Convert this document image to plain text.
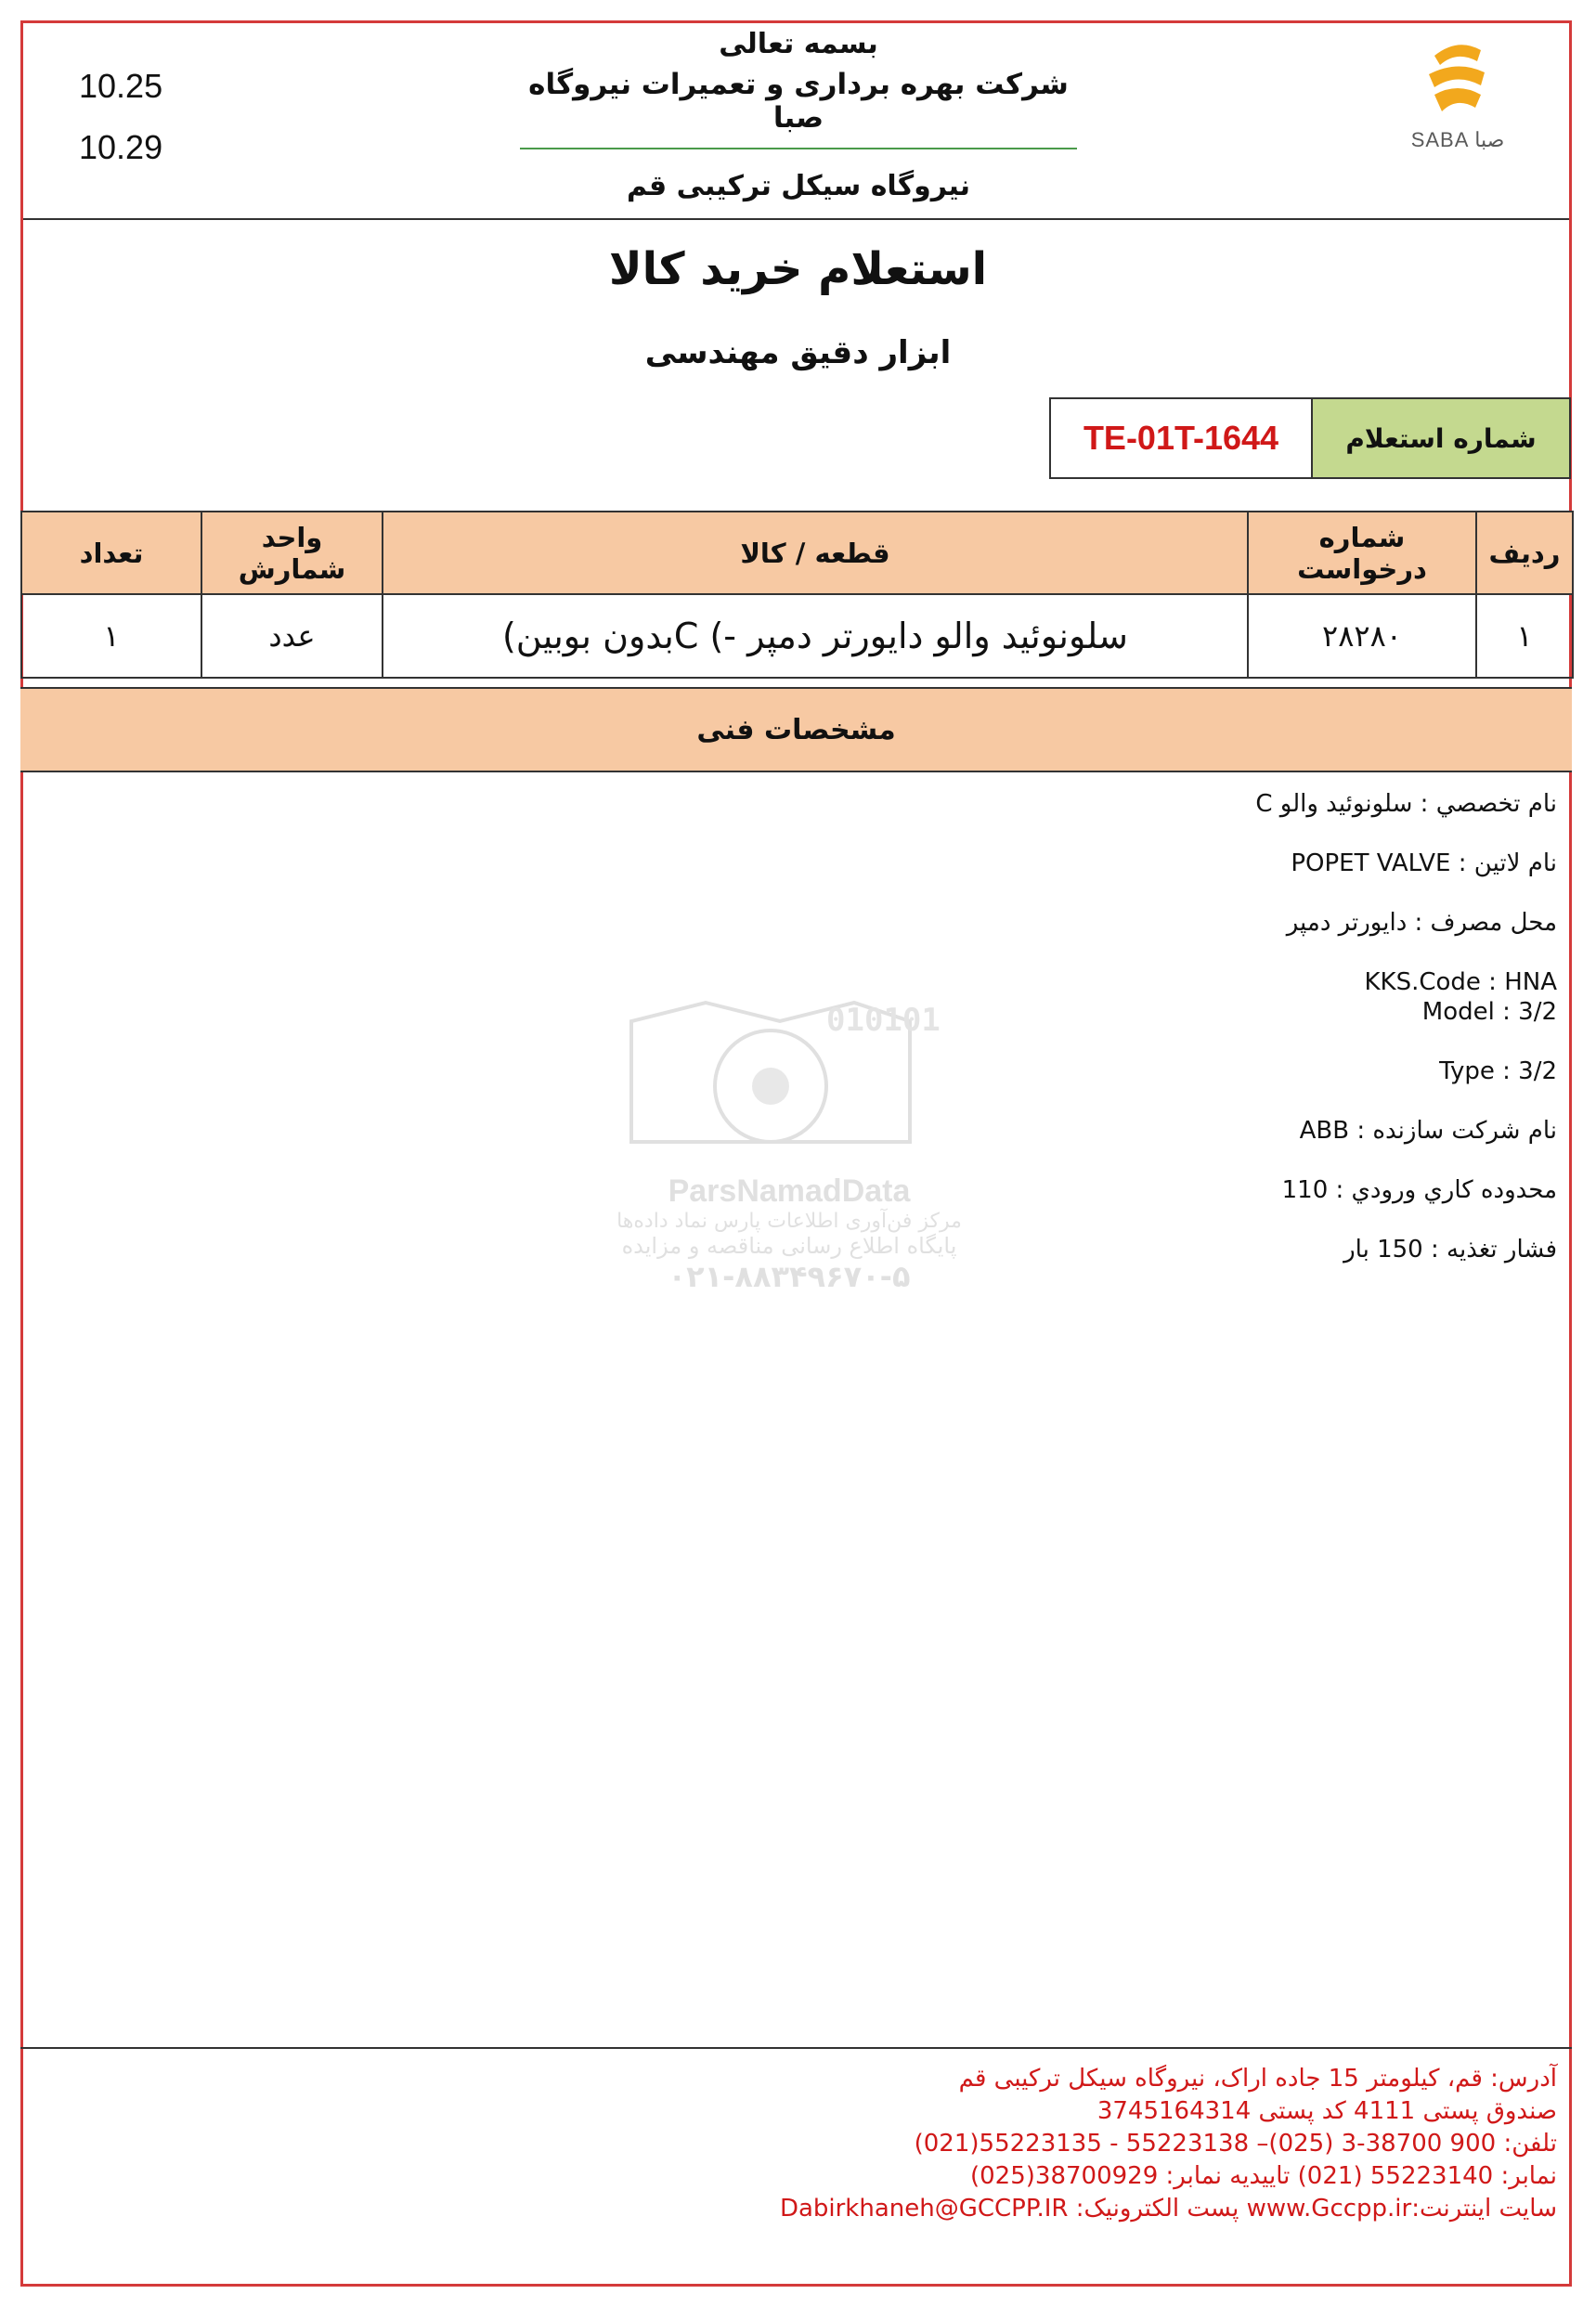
10.25
10.29
بسمه تعالی
شرکت بهره برداری و تعمیرات نیروگاه صبا
نیروگاه سیکل ترکیبی قم
SABA صبا
استعلام خرید کالا
ابزار دقیق مهندسی
TE-01T-1644	شماره استعلام
تعداد	واحد شمارش	قطعه / کالا	شماره درخواست	ردیف
۱	عدد	سلونوئید والو دایورتر دمپر -) Cبدون بوبین)	۲۸۲۸۰	۱
مشخصات فنی
نام تخصصي : سلونوئيد والو C
نام لاتين : POPET VALVE
محل مصرف : دايورتر دمپر
KKS.Code : HNA
Model : 3/2
Type : 3/2
نام شركت سازنده : ABB
محدوده كاري ورودي : 110
فشار تغذيه : 150 بار
010101
ParsNamadData
مرکز فن‌آوری اطلاعات پارس نماد داده‌ها
پایگاه اطلاع رسانی مناقصه و مزایده
۰۲۱-۸۸۳۴۹۶۷۰-۵
آدرس: قم، کیلومتر 15 جاده اراک، نیروگاه سیکل ترکیبی قم
صندوق پستی 4111 کد پستی 3745164314
تلفن: 900 38700-3 (025)– 55223138 - 55223135(021)
نمابر: 55223140 (021) تاییدیه نمابر: 38700929(025)
سایت اینترنت:www.Gccpp.ir پست الکترونیک: Dabirkhaneh@GCCPP.IR
